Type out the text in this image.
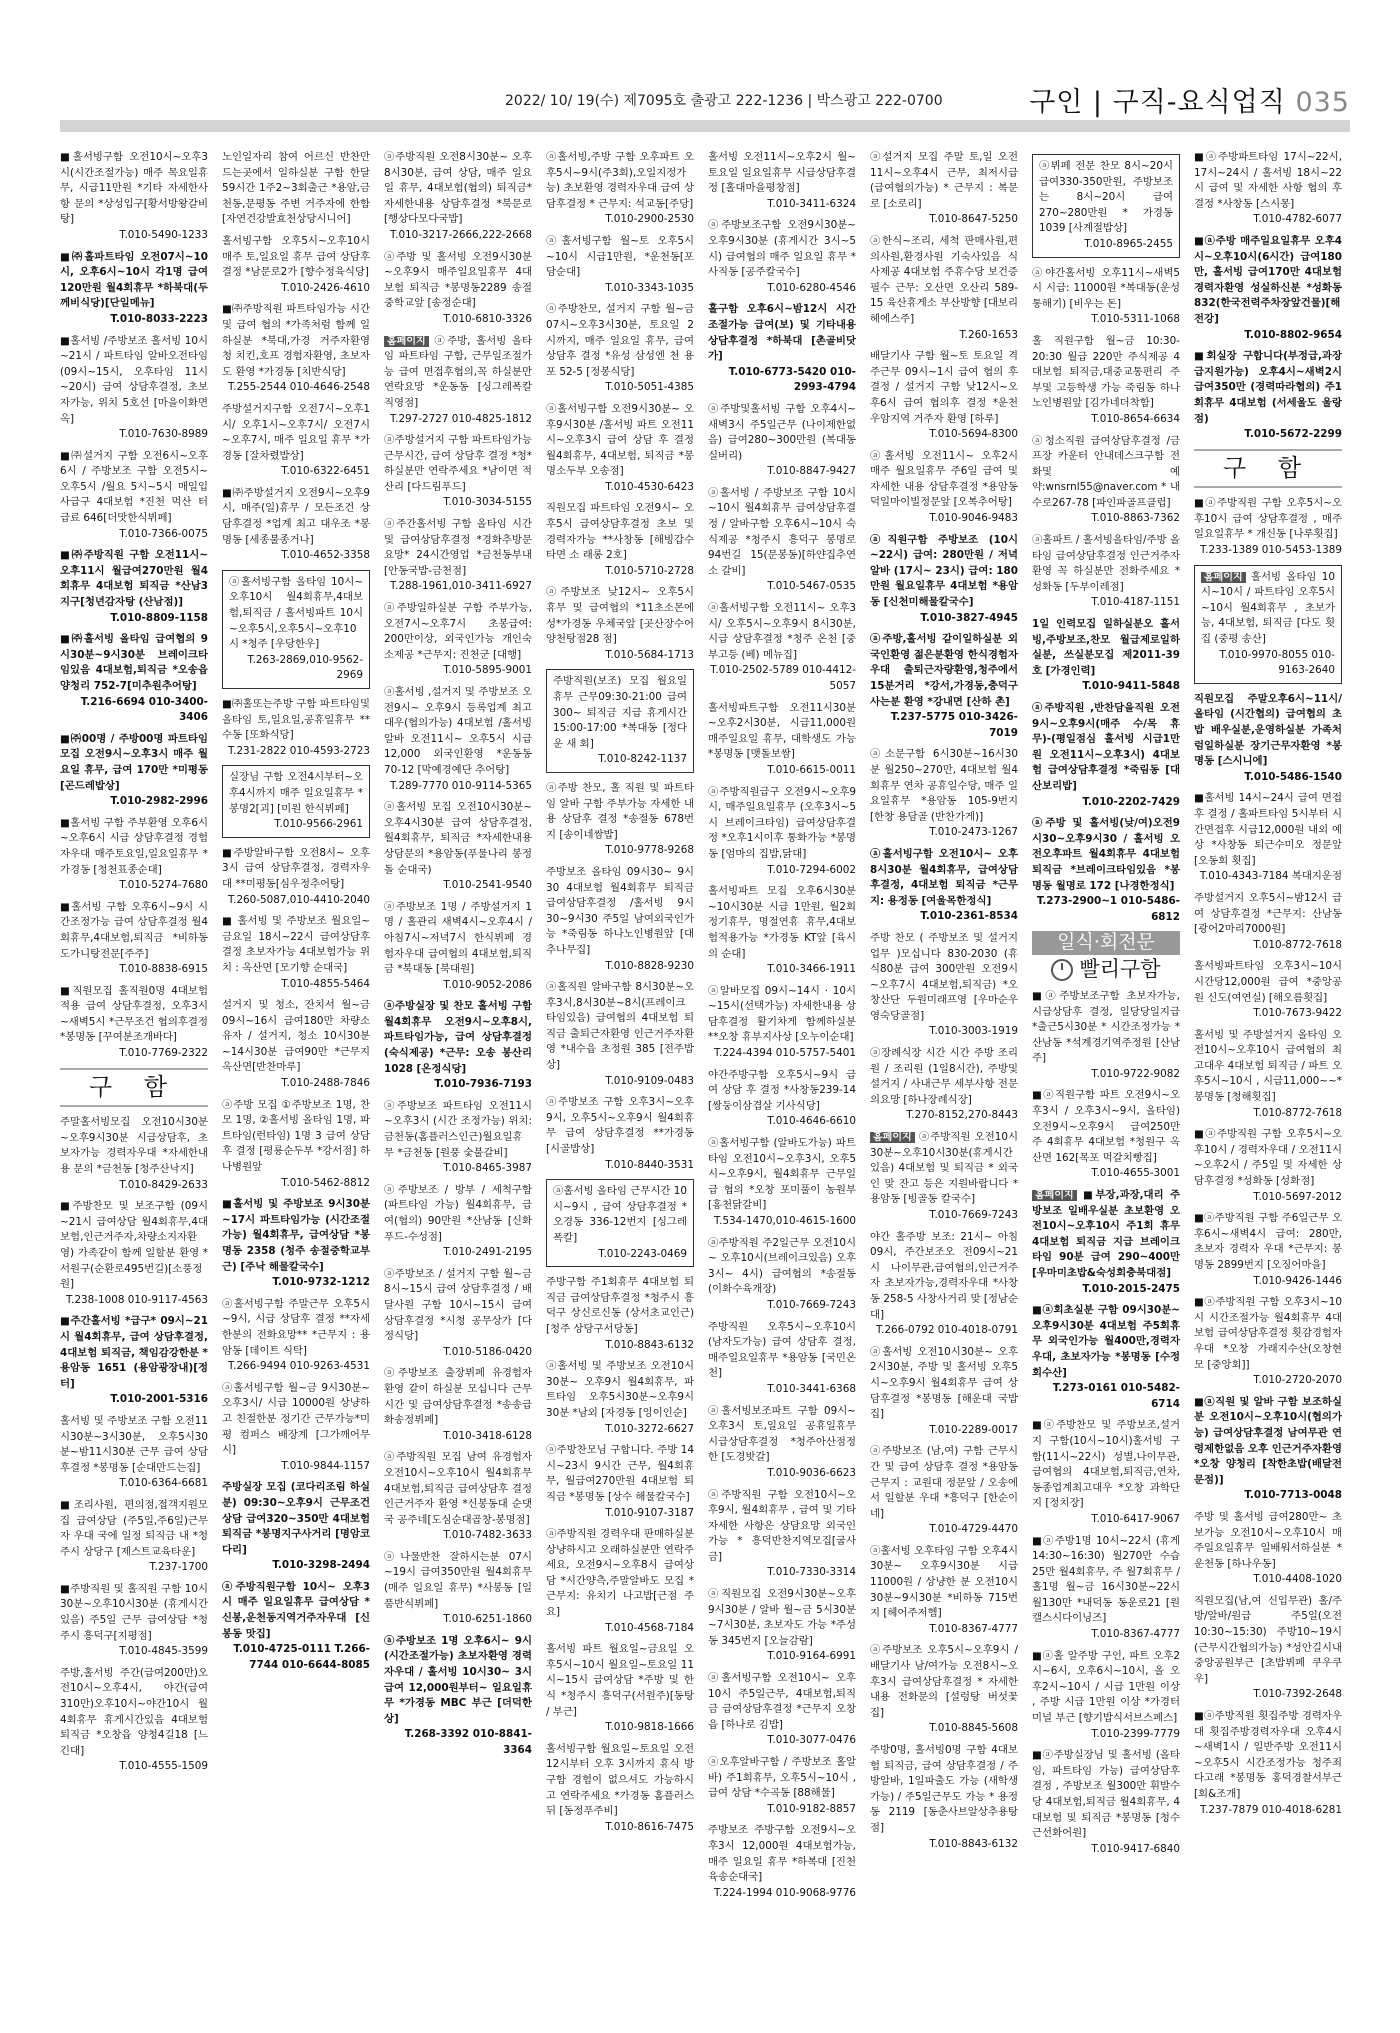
2022/ 10/ 19(수) 제7095호 출광고 222-1236 | 박스광고 222-0700	구인 | 구직-요식업직 035
■홀서빙구함 오전10시~오후3시(시간조절가능) 매주 목요일휴무, 시급11만원 *기타 자세한사항 문의 *상성입구[황서방왕갈비탕]
T.010-5490-1233
■㈜홀파트타임 오전07시~10시, 오후6시~10시 각1명 급여 120만원 월4회휴무 *하북대(두께비식당)[단일메뉴]
T.010-8033-2223
■홀서빙 /주방보조 홀서빙 10시~21시 / 파트타임 알바오전타임(09시~15시, 오후타임 11시~20시) 급여 상담후결정, 초보자가능, 위치 5호선 [마을이화면옥]
T.010-7630-8989
■㈜설거지 구함 오전6시~오후6시 / 주방보조 구함 오전5시~오후5시 /월요 5시~5시 매일입사급구 4대보험 *진천 먹산 터 급료 646[더맛한식뷔페]
T.010-7366-0075
■㈜주방직원 구함 오전11시~오후11시 월급여270만원 월4회휴무 4대보험 퇴직금 *산남3지구[청년감자탕 (산남점)]
T.010-8809-1158
■㈜홀서빙 올타임 급여협의 9시30분~9시30분 브레이크타임있음 4대보험,퇴직금 *오송읍 양청리 752-7[미추원추어탕]
T.216-6694 010-3400-3406
■㈜00명 / 주방00명 파트타임 모집 오전9시~오후3시 매주 월요일 휴무, 급여 170만 *미평동 [곤드레밥상]
T.010-2982-2996
■홀서빙 구함 주부환영 오후6시~오후6시 시급 상담후결정 경험자우대 매주토요일,일요일휴무 *가경동 [청천표종순대]
T.010-5274-7680
■홀서빙 구함 오후6시~9시 시간조정가능 급여 상담후결정 월4회휴무,4대보험,퇴직금 *비하동 도가니탕전문[주주]
T.010-8838-6915
■직원모집 홀직원0명 4대보험 적용 급여 상담후결정, 오후3시~새벽5시 *근무조건 협의후결정 *봉명동 [꾸여분조개바다]
T.010-7769-2322
구 함
주말홀서빙모집 오전10시30분~오후9시30분 시급상담후, 초보자가능 경력자우대 *자세한내용 문의 *금천동 [청주산낙지]
T.010-8429-2633
■주방찬모 및 보조구함 (09시~21시 급여상담 월4회휴무,4대보험,인근거주자,차량소지자환영) 가족같이 함께 일할분 환영 *서원구(순환로495번길)[소풍정원]
T.238-1008 010-9117-4563
■주간홀서빙 *급구* 09시~21시 월4회휴무, 급여 상담후결정, 4대보험 퇴직금, 책임감강한분 *용암동 1651 (용암광장내)[정터]
T.010-2001-5316
홀서빙 및 주방보조 구함 오전11시30분~3시30분, 오후5시30분~밤11시30분 근무 급여 상담후결정 *봉명동 [순대만드는집]
T.010-6364-6681
■조리사원, 편의점,접객지원모집 급여상담 (주5일,주6일)근무자 우대 국에 일정 퇴직금 내 *청주시 상당구 [제스트교육타운]
T.237-1700
■주방직원 및 홀직원 구함 10시30분~오후10시30분 (휴게시간있음) 주5일 근무 급여상담 *청주시 흥덕구[지평점]
T.010-4845-3599
주방,홀서빙 주간(급여200만)오전10시~오후4시, 야간(급여310만)오후10시~야간10시 월4회휴무 휴게시간있음 4대보험 퇴직금 *오창읍 양청4길18 [느긴대]
T.010-4555-1509
노인일자리 참여 어르신 반찬만드는곳에서 일하실분 구함 한달 59시간 1주2~3회출근 *용암,금천동,문평동 주변 거주자에 한함 [자연건강발효천상당시니어]
홀서빙구함 오후5시~오후10시 매주 토,일요일 휴무 급여 상담후 결정 *남문로2가 [향수정육식당]
T.010-2426-4610
■㈜주방직원 파트타임가능 시간 및 급여 협의 *가족처럼 함께 일하실분 *북대,가경 거주자환영 청 치킨,호프 경험자환영, 초보자도 환영 *가경동 [치반식당]
T.255-2544 010-4646-2548
주방설거지구함 오전7시~오후1시/ 오후1시~오후7시/ 오전7시~오후7시, 매주 일요일 휴무 *가경동 [잘차렸밥상]
T.010-6322-6451
■㈜주방설거지 오전9시~오후9시, 매주(일)휴무 / 모든조건 상담후결정 *업계 최고 대우조 *봉명동 [세종불종거나]
T.010-4652-3358
ⓐ홀서빙구함 올타임 10시~오후10시 월4회휴무,4대보험,퇴직금 / 홀서빙파트 10시~오후5시,오후5시~오후10시 *청주 [우당한우]
T.263-2869,010-9562-2969
■㈜홀또는주방 구함 파트타임및 올타임 토,일요일,공휴일휴무 **수동 [또화식당]
T.231-2822 010-4593-2723
실장님 구함 오전4시부터~오후4시까지 매주 일요일휴무 *봉명2[괴] [미원 한식뷔페]
T.010-9566-2961
■주방알바구함 오전8시~ 오후3시 급여 상담후결정, 경력자우대 **미평동[심우정추어탕]
T.260-5087,010-4410-2040
■ 홀서빙 및 주방보조 월요일~금요일 18시~22시 급여상담후결정 초보자가능 4대보험가능 위치 : 옥산면 [모기향 순대국]
T.010-4855-5464
설거지 및 청소, 잔치서 월~금 09시~16시 급여180만 차량소유자 / 설거지, 청소 10시30분~14시30분 급여90만 *근무지 옥산면[반찬마루]
T.010-2488-7846
ⓐ주방 모집 ①주방보조 1명, 찬모 1명, ②홀서빙 올타임 1명, 파트타임(런타임) 1명 3 급여 상담후 결정 [평룡순두부 *강서점] 하나병원앞
T.010-5462-8812
■홀서빙 및 주방보조 9시30분~17시 파트타임가능 (시간조절가능) 월4회휴무, 급여상담 *봉명동 2358 (청주 송절중학교부근) [주낙 해물칼국수]
T.010-9732-1212
ⓐ홀서빙구함 주말근무 오후5시~9시, 시급 상담후 결정 **자세한분의 전화요망** *근무지 : 용암동 [데이트 식탁]
T.266-9494 010-9263-4531
ⓐ홀서빙구함 월~금 9시30분~오후3시/ 시급 10000원 상냥하고 친절한분 정기간 근무가능*미평 컴퍼스 배장계 [그가깨어무시]
T.010-9844-1157
주방실장 모집 (코다리조림 하실분) 09:30~오후9시 근무조건상담 급여320~350만 4대보험 퇴직금 *봉명지구사거리 [명암코다리]
T.010-3298-2494
ⓐ주방직원구함 10시~ 오후3시 매주 일요일휴무 급여상담 *신봉,운천동지역거주자우대 [신봉동 맛집]
T.010-4725-0111 T.266-7744 010-6644-8085
ⓐ주방직원 오전8시30분~ 오후8시30분, 급여 상담, 매주 일요일 휴무, 4대보험(협의) 퇴직금*자세한내용 상담후결정 *북문로 [행상다모다국밥]
T.010-3217-2666,222-2668
ⓐ주방 및 홀서빙 오전9시30분~오후9시 매주일요일휴무 4대보험 퇴직금 *봉명동2289 송절중학교앞 [송정순대]
T.010-6810-3326
홈페이지 ⓐ주방, 홀서빙 올타임 파트타임 구함, 근무일조절가능 급여 면접후협의,꼭 하실분만 연락요망 *운동동 [싱그레폭칼 직영점]
T.297-2727 010-4825-1812
ⓐ주방설거지 구함 파트타임가능 근무시간, 급여 상담후 결정 *청*하실분만 연락주세요 *남이면 적산리 [다드림푸드]
T.010-3034-5155
ⓐ주간홀서빙 구함 올타임 시간 및 급여상담후결정 *경화추방문요망* 24시간영업 *금천동부내 [안동국밥-금천점]
T.288-1961,010-3411-6927
ⓐ주방일하실분 구함 주부가능, 오전7시~오후7시 초봉급여: 200만이상, 외국인가능 개인숙소제공 *근무지: 진천군 [대행]
T.010-5895-9001
ⓐ홀서빙 ,설거지 및 주방보조 오전9시~ 오후9시 등록업계 최고대우(협의가능) 4대보험 /홀서빙알바 오전11시~ 오후5시 시급12,000 외국인환영 *운동동 70-12 [막예경예단 추어탕]
T.289-7770 010-9114-5365
ⓐ홀서빙 모집 오전10시30분~오후4시30분 급여 상담후결정, 월4회휴무, 퇴직금 *자세한내용 상담문의 *용암동(푸물나리 봉정 돌 순대국)
T.010-2541-9540
ⓐ주방보조 1명 / 주방설거지 1명 / 홀관리 새벽4시~오후4시 / 아침7시~저녁7시 한식뷔페 경험자우대 급여협의 4대보험,퇴직금 *북대동 [북대원]
T.010-9052-2086
ⓐ주방실장 및 찬모 홀서빙 구함 월4회휴무 오전9시~오후8시, 파트타임가능, 급여 상담후결정 (숙식제공) *근무: 오송 봉산리 1028 [온정식당]
T.010-7936-7193
ⓐ주방보조 파트타임 오전11시~오후3시 (시간 조정가능) 위치: 금천동(홈플러스인근)월요일휴무 *금천동 [원풍 숯불갈비]
T.010-8465-3987
ⓐ주방보조 / 방부 / 세척구함 (파트타임 가능) 월4회휴무, 급여(협의) 90만원 *산남동 [신화푸드-수성점]
T.010-2491-2195
ⓐ주방보조 / 설거지 구함 월~금 8시~15시 급여 상담후결정 / 배달사원 구함 10시~15시 급여 상담후결정 *시청 공무상가 [다정식당]
T.010-5186-0420
ⓐ주방보조 출장뷔페 유경험자 환영 같이 하실분 모십니다 근무시간 및 급여상담후결정 *송송급화송정뷔페]
T.010-3418-6128
ⓐ주방직원 모집 남여 유경험자 오전10시~오후10시 월4회휴무 4대보험,퇴직금 급여상담후 결정 인근거주자 환영 *신봉동대 순댓국 공주네[도심순대곱창-봉명점]
T.010-7482-3633
ⓐ나물반찬 잘하시는분 07시~19시 급여350만원 월4회휴무(매주 일요일 휴무) *사봉동 [일품반식뷔페]
T.010-6251-1860
ⓐ주방보조 1명 오후6시~ 9시(시간조절가능) 초보자환영 경력자우대 / 홀서빙 10시30~ 3시 급여 12,000원부터~ 일요일휴무 *가경동 MBC 부근 [더덕한상]
T.268-3392 010-8841-3364
ⓐ홀서빙,주방 구함 오후파트 오후5시~9시(주3회),오일지정가능) 초보환영 경력자우대 급여 상담후결정 * 근무지: 석교동[주당]
T.010-2900-2530
ⓐ홀서빙구함 월~토 오후5시~10시 시급1만원, *운천동[포담순대]
T.010-3343-1035
ⓐ주방찬모, 설거지 구함 월~금 07시~오후3시30분, 토요일 2시까지, 매주 일요일 휴무, 급여상담후 결정 *유성 삼성엔 천 용포 52-5 [정봉식당]
T.010-5051-4385
ⓐ홀서빙구함 오전9시30분~ 오후9시30분 /홀서빙 파트 오전11시~오후3시 급여 상담 후 결정 월4회휴무, 4대보험, 퇴직금 *봉명소두부 오송점]
T.010-4530-6423
직원모집 파트타임 오전9시~ 오후5시 급여상담후결정 초보 및 경력자가능 **사창동 [해빙갑수타면 소 래롱 2호]
T.010-5710-2728
ⓐ주방보조 낮12시~ 오후5시 휴무 및 급여협의 *11초소몬에 성*가경동 우체국앞 [곳산장수어양천탕점28 점]
T.010-5684-1713
주방직원(보조) 모집 월요일휴무 근무09:30-21:00 급여 300~ 퇴직금 지급 휴게시간 15:00-17:00 *복대동 [정다 운 새 회]
T.010-8242-1137
ⓐ주방 찬모, 홀 직원 및 파트타임 알바 구함 주부가능 자세한 내용 상담후 결정 *송절동 678번지 [송이네쌈밥]
T.010-9778-9268
주방보조 올타임 09시30~ 9시30 4대보험 월4회휴무 퇴직금 급여상담후결정 /홀서빙 9시30~9시30 주5일 남여외국인가능 *죽림동 하나노인병원앞 [대추나무집]
T.010-8828-9230
ⓐ홀직원 알바구함 8시30분~오후3시,8시30분~8시(프레이크타임있음) 급여협의 4대보험 퇴직금 출퇴근자환영 인근거주자환영 *내수읍 초정원 385 [전주밥상]
T.010-9109-0483
ⓐ주방보조 구함 오후3시~오후9시, 오후5시~오후9시 월4회휴무 급여 상담후결정 **가경동 [시골밥상]
T.010-8440-3531
ⓐ홀서빙 올타임 근무시간 10시~9시 , 급여 상담후결정 *오경동 336-12번지 [싱그레폭칼]
T.010-2243-0469
주방구함 주1회휴무 4대보험 퇴직금 급여상담후결정 *청주시 흥덕구 상신로신동 (상서초교인근) [청주 상당구서당동]
T.010-8843-6132
ⓐ홀서빙 및 주방보조 오전10시30분~ 오후9시 월4회휴무, 파트타임 오후5시30분~오후9시30분 *남외 [자경동 [잉이인순]
T.010-3272-6627
ⓐ주방찬모님 구합니다. 주방 14시~23시 9시간 근무, 월4회휴무, 월급여270만원 4대보험 퇴직금 *봉명동 [상수 해물칼국수]
T.010-9107-3187
ⓐ주방직원 경력우대 판매하실분 상냥하시고 오래하실분만 연락주세요, 오전9시~오후8시 급여상담 *시간양측,주말알바도 모집 * 근무지: 유치기 나고밥[근점 주요]
T.010-4568-7184
홀서빙 파트 월요일~금요일 오후5시~10시 월요일~토요일 11시~15시 급여상담 *주방 및 한식 *청주시 흥덕구(서원주)[동탕 / 부근]
T.010-9818-1666
홀서빙구함 월요일~토요일 오전 12시부터 오후 3시까지 휴식 방구함 경험이 없으셔도 가능하시고 연락주세요 *가경동 홈플러스뒤 [동정푸주비]
T.010-8616-7475
홀서빙 오전11시~오후2시 월~토요일 일요일휴무 시급상담후결정 [홀대마을평창점]
T.010-3411-6324
ⓐ주방보조구함 오전9시30분~ 오후9시30분 (휴게시간 3시~5시) 급여협의 매주 일요일 휴무 *사직동 [공주칼국수]
T.010-6280-4546
홀구함 오후6시~밤12시 시간조절가능 급여(보) 및 기타내용 상담후결정 *하북대 [촌골비닷가]
T.010-6773-5420 010-2993-4794
ⓐ주방및홀서빙 구함 오후4시~새벽3시 주5일근무 (나이제한없음) 급여280~300만원 (복대동 실버리)
T.010-8847-9427
ⓐ홀서빙 / 주방보조 구함 10시~10시 월4회휴무 급여상담후결정 / 알바구함 오후6시~10시 숙식제공 *청주시 흥덕구 봉명로 94번길 15(문봉동)[하얀집추연소 갈비]
T.010-5467-0535
ⓐ홀서빙구함 오전11시~ 오후3시/ 오후5시~오후9시 8시30분, 시급 상담후결정 *청주 온천 [중부고등 (베) 메뉴집]
T.010-2502-5789 010-4412-5057
홀서빙파트구함 오전11시30분~오후2시30분, 시급11,000원 매주일요일 휴무, 대학생도 가능 *봉명동 [맷돌보쌈]
T.010-6615-0011
ⓐ주방직원급구 오전9시~오후9시, 매주일요일휴무 (오후3시~5시 브레이크타임) 급여상담후결정 *오후1시이후 통화가능 *봉명동 [엄마의 집밥,닭대]
T.010-7294-6002
홀서빙파트 모집 오후6시30분~10시30분 시급 1만원, 월2회 정기휴무, 명절연휴 휴무,4대보험적용가능 *가경동 KT앞 [육시의 순대]
T.010-3466-1911
ⓐ알바모집 09시~14시 · 10시~15시(선택가능) 자세한내용 상담후결정 활기차게 함께하실분 **오창 휴부지사상 [오누이순대]
T.224-4394 010-5757-5401
야간주방구함 오후5시~9시 급여 상담 후 결정 *사창동239-14 [쌍둥이삼겹살 기사식당]
T.010-4646-6610
ⓐ홀서빙구함 (알바도가능) 파트타임 오전10시~오후3시, 오후5시~오후9시, 월4회휴무 근무일급 협의 *오창 포미풀이 농원부 [홍천닭갈비]
T.534-1470,010-4615-1600
ⓐ주방직원 주2일근무 오전10시~ 오후10시(브레이크있음) 오후3시~ 4시) 급여협의 *송절동 (이화수육개장)
T.010-7669-7243
주방직원 오후5시~오후10시 (남자도가능) 급여 상담후 결정, 매주일요일휴무 *용암동 [국민온천]
T.010-3441-6368
ⓐ홀서빙보조파트 구함 09시~ 오후3시 토,일요일 공휴일휴무 시급상담후결정 *청주아산점정한 [도경밧갈]
T.010-9036-6623
ⓐ주방직원 구함 오전10시~오후9시, 월4회휴무 , 급여 및 기타 자세한 사항은 상담요망 외국인가능 * 흥덕반찬지역모집[굽사금]
T.010-7330-3314
ⓐ직원모집 오전9시30분~오후9시30분 / 알바 월~금 5시30분~7시30분, 초보자도 가능 *주성동 345번지 [오늘감람]
T.010-9164-6991
ⓐ홀서빙구함 오전10시~ 오후 10시 주5일근무, 4대보험,퇴직금 급여상담후결정 *근무지 오창읍 [하나로 김밥]
T.010-3077-0476
ⓐ오후알바구함 / 주방보조 홀알바) 주1회휴무, 오후5시~10시 , 급여 상담 *수곡동 [88해물]
T.010-9182-8857
주방보조 주방구함 오전9시~오후3시 12,000원 4대보험가능, 매주 일요일 휴무 *하복대 [진천육송순대국]
T.224-1994 010-9068-9776
ⓐ설거지 모집 주말 토,일 오전11시~오후4시 근무, 최저시급(급여협의가능) * 근무지 : 복문로 [소로리]
T.010-8647-5250
ⓐ한식~조리, 세척 판매사원,편의사원,환경사원 기숙사있음 식사제공 4대보험 주휴수당 보건증필수 근무: 오산면 오산리 589-15 육산휴게소 부산방향 [대보리헤에스주]
T.260-1653
배달기사 구함 월~토 토요일 격주근무 09시~1시 급여 협의 후 결정 / 설거지 구함 낮12시~오후6시 급여 협의후 결정 *운천 우암지역 거주자 환영 [하루]
T.010-5694-8300
ⓐ홀서빙 오전11시~ 오후2시 매주 월요일휴무 주6일 급여 및 자세한 내용 상담후결정 *용암동 덕일마이빌정문앞 [오복추어탕]
T.010-9046-9483
ⓐ직원구함 주방보조 (10시~22시) 급여: 280만원 / 저녁알바 (17시~ 23시) 급여: 180만원 월요일휴무 4대보험 *용암동 [신천미해물칼국수]
T.010-3827-4945
ⓐ주방,홀서빙 같이일하실분 외국인환영 젊은분환영 한식경험자우대 출퇴근자량환영,청주에서15분거리 *강서,가경동,충덕구사는분 환영 *강내면 [산하 촌]
T.237-5775 010-3426-7019
ⓐ소문구함 6시30분~16시30분 월250~270만, 4대보험 월4회휴무 연차 공휴일수당, 매주 일요일휴무 *용암동 105-9번지 [한창 용담골 (반찬가게)]
T.010-2473-1267
ⓐ홀서빙구함 오전10시~ 오후8시30분 월4회휴무, 급여상담후결정, 4대보험 퇴직금 *근무지: 용정동 [여울목한정식]
T.010-2361-8534
주방 찬모 ( 주방보조 및 설거지업무 )모십니다 830-2030 (휴식80분 급여 300만원 오전9시~오후7시 4대보험,퇴직금) *오창산단 두원미래프영 [우마순우영숙당골점]
T.010-3003-1919
ⓐ장례식장 시간 시간 주방 조리원 / 조리원 (1일8시간), 주방및설거지 / 사내근무 세부사항 전문의요망 [하나장례식장]
T.270-8152,270-8443
홈페이지 ⓐ주방직원 오전10시30분~오후10시30분(휴게시간있음) 4대보험 및 퇴직금 * 외국인 맞 잔고 등은 지원바랍니다 *용암동 [빙골동 칼국수]
T.010-7669-7243
야간 홀주방 보조: 21시~ 아침 09시, 주간보조오 전09시~21시 나이무관,급여협의,인근거주자 초보자가능,경력자우대 *사창동 258-5 사창사거리 맞 [정남순대]
T.266-0792 010-4018-0791
ⓐ홀서빙 오전10시30분~ 오후2시30분, 주방 및 홀서빙 오후5시~오후9시 월4회휴무 급여 상담후결정 *봉명동 [해운대 국밥집]
T.010-2289-0017
ⓐ주방보조 (남,여) 구함 근무시간 및 급여 상담후 결정 *용암동 근무지 : 교원대 정문앞 / 오송에서 일할분 우대 *흥덕구 [한순이네]
T.010-4729-4470
ⓐ홀서빙 오후타임 구함 오후4시30분~ 오후9시30분 시급 11000원 / 상냥한 분 오전10시30분~9시30분 *비하동 715번지 [헤어주저헴]
T.010-8367-4777
ⓐ주방보조 오후5시~오후9시 / 배달기사 남/여가능 오전8시~오후3시 급여상담후결정 * 자세한내용 전화문의 [설렁탕 버섯꽃집]
T.010-8845-5608
주방0명, 홀서빙0명 구함 4대보험 퇴직금, 급여 상담후결정 / 주방알바, 1일파출도 가능 (새학생가능) / 주5일근무도 가능 * 용정동 2119 [동춘사브알상추용탕점]
T.010-8843-6132
ⓐ뷔페 전문 찬모 8시~20시 급여330-350만원, 주방보조는 8시~20시 급여 270~280만원 * 가경동 1039 [사계절밥상]
T.010-8965-2455
ⓐ야간홀서빙 오후11시~새벽5시 시급: 11000원 *복대동(운성통해기) [비우는 돈]
T.010-5311-1068
홀 직원구함 월~금 10:30-20:30 월급 220만 주식제공 4대보험 퇴직금,대중교통편리 주부및 고등학생 가능 죽림동 하나노인병원앞 [김가네더착함]
T.010-8654-6634
ⓐ청소직원 급여상담후결정 /금프장 카운터 안내데스크구함 전화및 예약:wnsrnl55@naver.com * 내수로267-78 [파인파골프클럽]
T.010-8863-7362
ⓐ홀파트 / 홀서빙올타임/주방 올타임 급여상담후결정 인근거주자환영 꼭 하실분만 전화주세요 *성화동 [두부이레점]
T.010-4187-1151
1일 인력모집 일하실분오 홀서빙,주방보조,찬모 월급제로일하실분, 쓰실분모집 제2011-39호 [가경인력]
T.010-9411-5848
ⓐ주방직원 ,반찬담을직원 오전9시~오후9시(매주 수/목 휴무)-(평일점심 홀서빙 시급1만원 오전11시~오후3시) 4대보험 급여상담후결정 *죽림동 [대산보리밥]
T.010-2202-7429
ⓐ주방 및 홀서빙(낮/여)오전9시30~오후9시30 / 홀서빙 오전오후파트 월4회휴무 4대보험 퇴직금 *브레이크타임있음 *봉명동 월명로 172 [나경한정식]
T.273-2900~1 010-5486-6812
일식·회전문
빨리구함
■ⓐ주방보조구함 초보자가능, 시급상담후 결정, 일당당일지급 *출근5시30분 * 시간조정가능 *산남동 *석계경기역주정원 [산남주]
T.010-9722-9082
■ⓐ직원구함 파트 오전9시~오후3시 / 오후3시~9시, 올타임) 오전9시~오후9시 급여250만 주 4회휴무 4대보험 *청원구 옥산면 162[목포 먹갈치빵집]
T.010-4655-3001
홈페이지 ■부장,과장,대리 주방보조 일배우실분 초보환영 오전10시~오후10시 주1회 휴무 4대보험 퇴직금 지급 브레이크타임 90분 급여 290~400만 [우마미초밥&숙성회충북대점]
T.010-2015-2475
■ⓐ회초실분 구함 09시30분~오후9시30분 4대보험 주5회휴무 외국인가능 월400만,경력자우대, 초보자가능 *봉명동 [수정회수산]
T.273-0161 010-5482-6714
■ⓐ주방찬모 및 주방보조,설거지 구함(10시~10시)홀서빙 구함(11시~22시) 성별,나이무관,급여협의 4대보험,퇴직금,연차,동종업계최고대우 *오창 과학단지 [정치장]
T.010-6417-9067
■ⓐ주방1명 10시~22시 (휴게 14:30~16:30) 월270만 수습25만 월4회휴무, 주 월7회휴무 / 홀1명 월~금 16시30분~22시 월130만 *내덕동 동운로21 [원캘스시다이닝즈]
T.010-8367-4777
■ⓐ홀 알주방 구인, 파트 오후2시~6시, 오후6시~10시, 올 오후2시~10시 / 시급 1만원 이상 , 주방 시급 1만원 이상 *가경터미널 부근 [향기밥식서브스페스]
T.010-2399-7779
■ⓐ주방실장님 및 홀서빙 (올타임, 파트타임 가능) 급여상담후 결정 , 주방보조 월300만 휘발수당 4대보험,퇴직금 월4회휴무, 4대보험 및 퇴직금 *봉명동 [청수근선화어원]
T.010-9417-6840
■ⓐ주방파트타임 17시~22시, 17시~24시 / 홀서빙 18시~22시 급여 및 자세한 사항 협의 후 결정 *사창동 [스시몽]
T.010-4782-6077
■ⓐ주방 매주일요일휴무 오후4시~오후10시(6시간) 급여180만, 홀서빙 급여170만 4대보험 경력자환영 성실하신분 *성화동832(한국전력주차장앞건물)[해전강]
T.010-8802-9654
■회실장 구합니다(부정급,과장급지원가능) 오후4시~새벽2시 급여350만 (경력따라협의) 주1회휴무 4대보험 (서세울도 울랑점)
T.010-5672-2299
구 함
■ⓐ주방직원 구함 오후5시~오후10시 급여 상담후결정 , 매주 일요일휴무 * 개신동 [나루횟집]
T.233-1389 010-5453-1389
홈페이지 홀서빙 올타임 10시~10시 / 파트타임 오후5시~10시 월4회휴무 , 초보가능, 4대보험, 퇴직금 [다도 횟집 (중평 송산]
T.010-9970-8055 010-9163-2640
직원모집 주말오후6시~11시/ 올타임 (시간협의) 급여협의 초밥 배우실분,운영하실분 가족처럼일하실분 장기근무자환영 *봉명동 [스시니에]
T.010-5486-1540
■홀서빙 14시~24시 급여 면접후 결정 / 홀파트타임 5시부터 시간면접후 시급12,000원 내외 예상 *사창동 퇴근수미오 정문앞 [오동회 횟집]
T.010-4343-7184 복대지운점
주방설거지 오후5시~밤12시 급여 상담후결정 *근무지: 산남동 [광어2마리7000원]
T.010-8772-7618
홀서빙파트타임 오후3시~10시 시간당12,000원 급여 *중앙공원 신도(여연실) [해오름횟집]
T.010-7673-9422
홀서빙 및 주방설거지 올타임 오전10시~오후10시 급여협의 최고대우 4대보험 퇴직금 / 파트 오후5시~10시 , 시급11,000~~*봉명동 [청해횟집]
T.010-8772-7618
■ⓐ주방직원 구함 오후5시~오후10시 / 경력자우대 / 오전11시~오후2시 / 주5일 및 자세한 상담후결정 *성화동 [성화점]
T.010-5697-2012
■ⓐ주방직원 구함 주6일근무 오후6시~새벽4시 급여: 280만, 초보자 경력자 우대 *근무지: 봉명동 2899번지 [오징어마을]
T.010-9426-1446
■ⓐ주방직원 구함 오후3시~10시 시간조절가능 월4회휴무 4대보험 급여상담후결정 횟감경험자우대 *오창 가래지수산(오창현 모 [중앙회]]
T.010-2720-2070
■ⓐ직원 및 알바 구함 보조하실분 오전10시~오후10시(협의가능) 급여상담후결정 남여무관 연령제한없음 오후 인근거주자환영 *오창 양청리 [착한초밥(배달전문점)]
T.010-7713-0048
주방 및 홀서빙 급여280만~ 초보가능 오전10시~오후10시 매주일요일휴무 일배워서하실분 *운천동 [하나우동]
T.010-4408-1020
직원모집(남,여 신입무관) 홀/주방/알바/원급 주5일(오전10:30~15:30) 주방10~19시 (근무시간협의가능) *성안길시내중앙공원부근 [초밥뷔페 쿠우쿠우]
T.010-7392-2648
■ⓐ주방직원 횟집주방 경력자우대 횟집주방경력자우대 오후4시~새벽1시 / 일반주방 오전11시~오후5시 시간조정가능 청주죄다고래 *봉명동 홍덕경찰서부근 [회&조개]
T.237-7879 010-4018-6281
